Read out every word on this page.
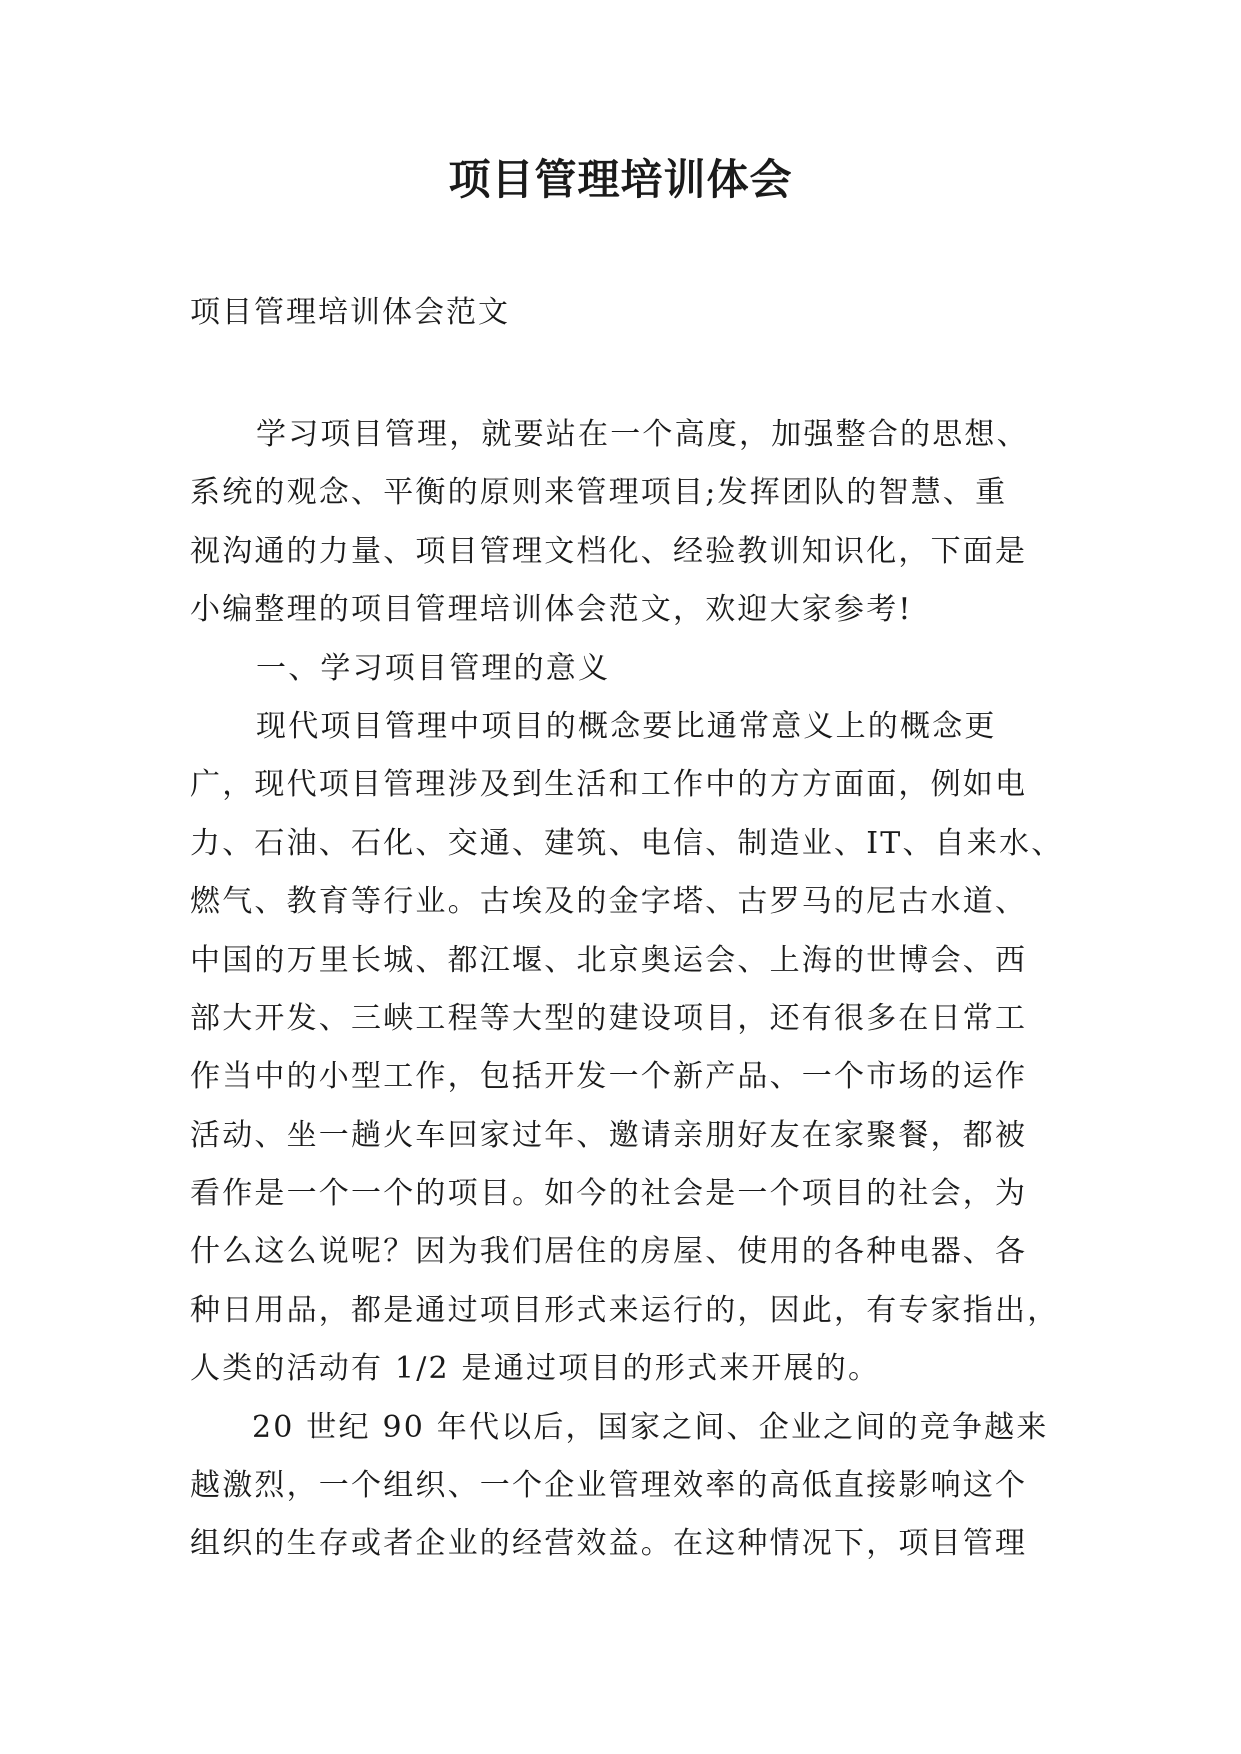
项目管理培训体会

项目管理培训体会范文

学习项目管理，就要站在一个高度，加强整合的思想、
系统的观念、平衡的原则来管理项目;发挥团队的智慧、重
视沟通的力量、项目管理文档化、经验教训知识化，下面是
小编整理的项目管理培训体会范文，欢迎大家参考!
一、学习项目管理的意义
现代项目管理中项目的概念要比通常意义上的概念更
广，现代项目管理涉及到生活和工作中的方方面面，例如电
力、石油、石化、交通、建筑、电信、制造业、IT、自来水、
燃气、教育等行业。古埃及的金字塔、古罗马的尼古水道、
中国的万里长城、都江堰、北京奥运会、上海的世博会、西
部大开发、三峡工程等大型的建设项目，还有很多在日常工
作当中的小型工作，包括开发一个新产品、一个市场的运作
活动、坐一趟火车回家过年、邀请亲朋好友在家聚餐，都被
看作是一个一个的项目。如今的社会是一个项目的社会，为
什么这么说呢？因为我们居住的房屋、使用的各种电器、各
种日用品，都是通过项目形式来运行的，因此，有专家指出，
人类的活动有 1/2 是通过项目的形式来开展的。
20 世纪 90 年代以后，国家之间、企业之间的竞争越来
越激烈，一个组织、一个企业管理效率的高低直接影响这个
组织的生存或者企业的经营效益。在这种情况下，项目管理
